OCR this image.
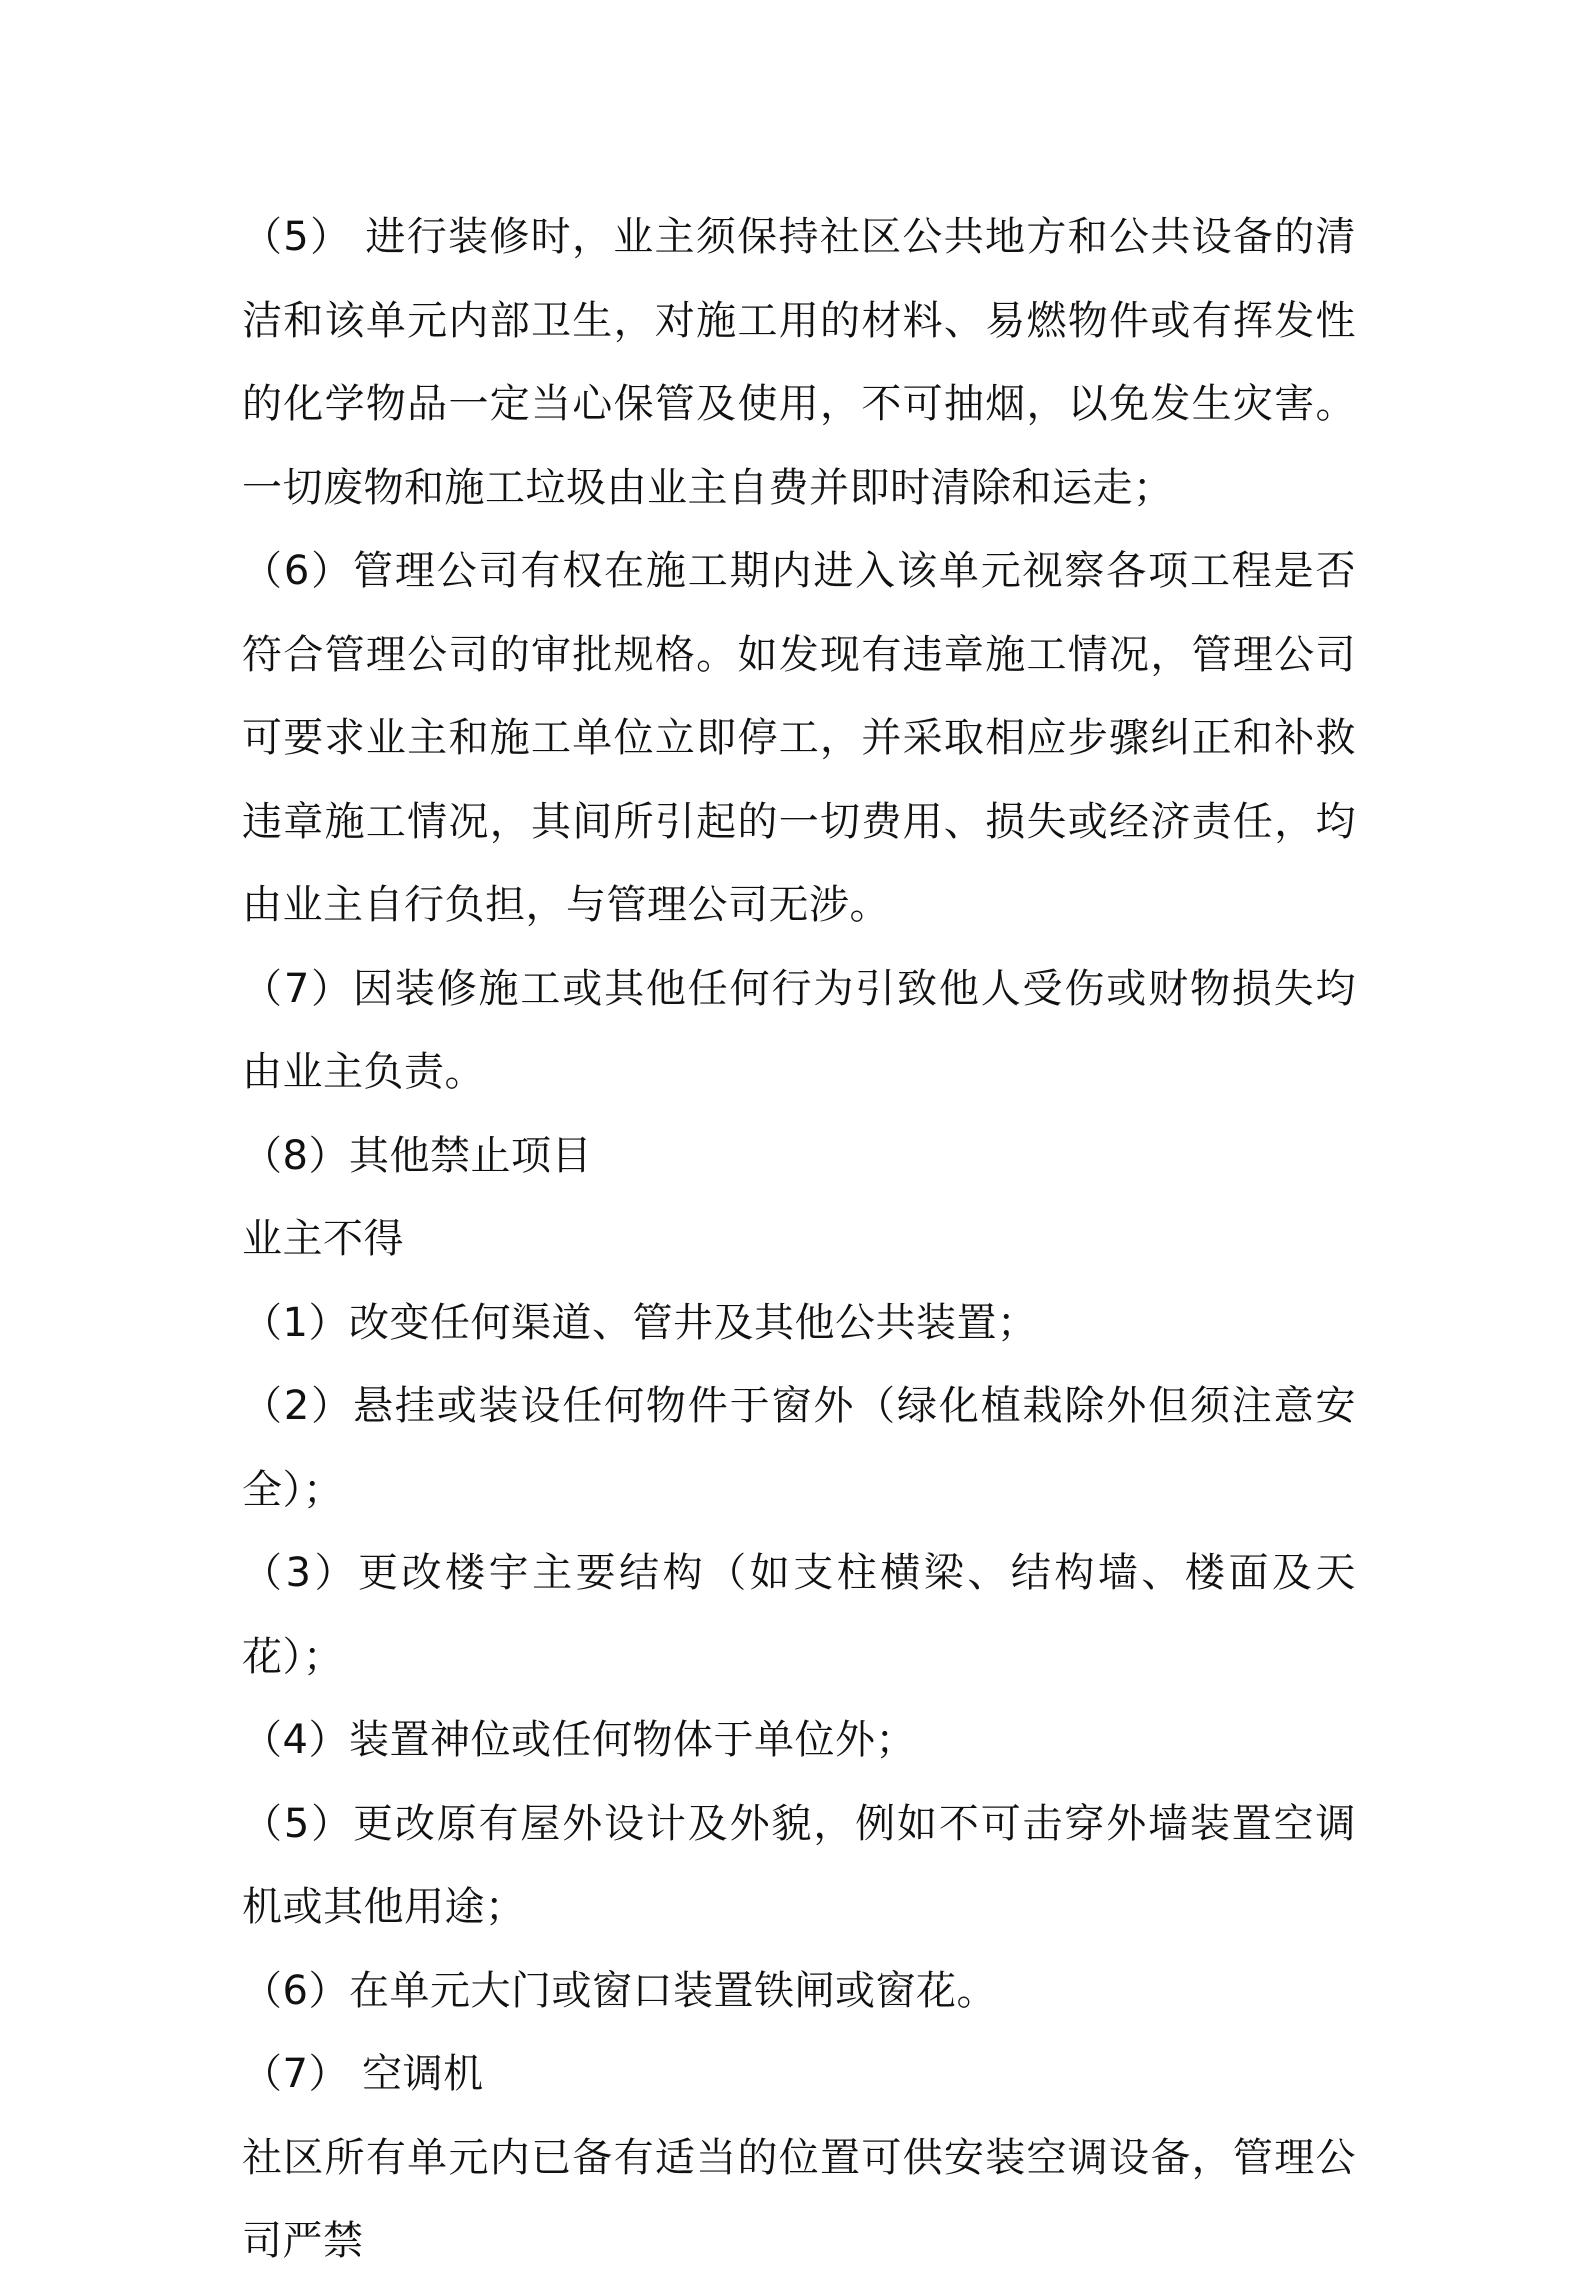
（5） 进行装修时，业主须保持社区公共地方和公共设备的清洁和该单元内部卫生，对施工用的材料、易燃物件或有挥发性的化学物品一定当心保管及使用，不可抽烟，以免发生灾害。一切废物和施工垃圾由业主自费并即时清除和运走；

（6）管理公司有权在施工期内进入该单元视察各项工程是否符合管理公司的审批规格。如发现有违章施工情况，管理公司可要求业主和施工单位立即停工，并采取相应步骤纠正和补救违章施工情况，其间所引起的一切费用、损失或经济责任，均由业主自行负担，与管理公司无涉。

（7）因装修施工或其他任何行为引致他人受伤或财物损失均由业主负责。

（8）其他禁止项目

业主不得

（1）改变任何渠道、管井及其他公共装置；

（2）悬挂或装设任何物件于窗外（绿化植栽除外但须注意安全）；

（3）更改楼宇主要结构（如支柱横梁、结构墙、楼面及天花）；

（4）装置神位或任何物体于单位外；

（5）更改原有屋外设计及外貌，例如不可击穿外墙装置空调机或其他用途；

（6）在单元大门或窗口装置铁闸或窗花。

（7） 空调机

社区所有单元内已备有适当的位置可供安装空调设备，管理公司严禁
